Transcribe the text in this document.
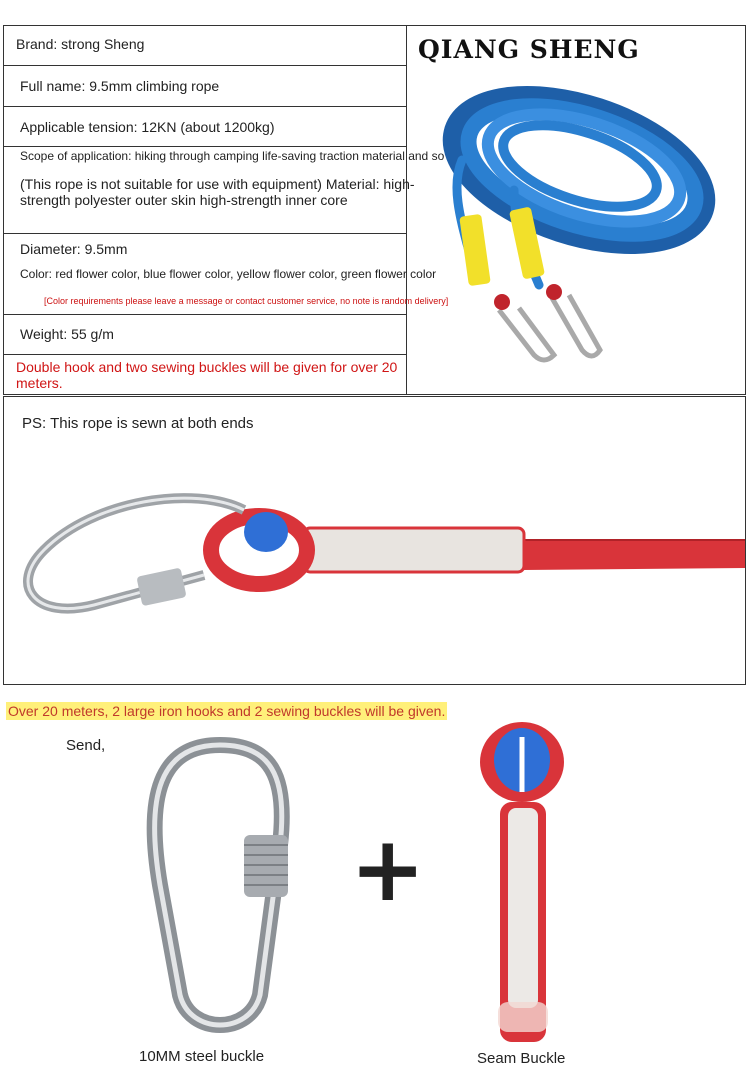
Brand: strong Sheng
Full name: 9.5mm climbing rope
Applicable tension: 12KN (about 1200kg)
Scope of application: hiking through camping life-saving traction material and so on
(This rope is not suitable for use with equipment) Material: high-strength polyester outer skin high-strength inner core
Diameter: 9.5mm
Color: red flower color, blue flower color, yellow flower color, green flower color
[Color requirements please leave a message or contact customer service, no note is random delivery]
Weight: 55 g/m
Double hook and two sewing buckles will be given for over 20 meters.
QIANG SHENG
PS: This rope is sewn at both ends
Over 20 meters, 2 large iron hooks and 2 sewing buckles will be given.
Send,
+
10MM steel buckle	Seam Buckle
